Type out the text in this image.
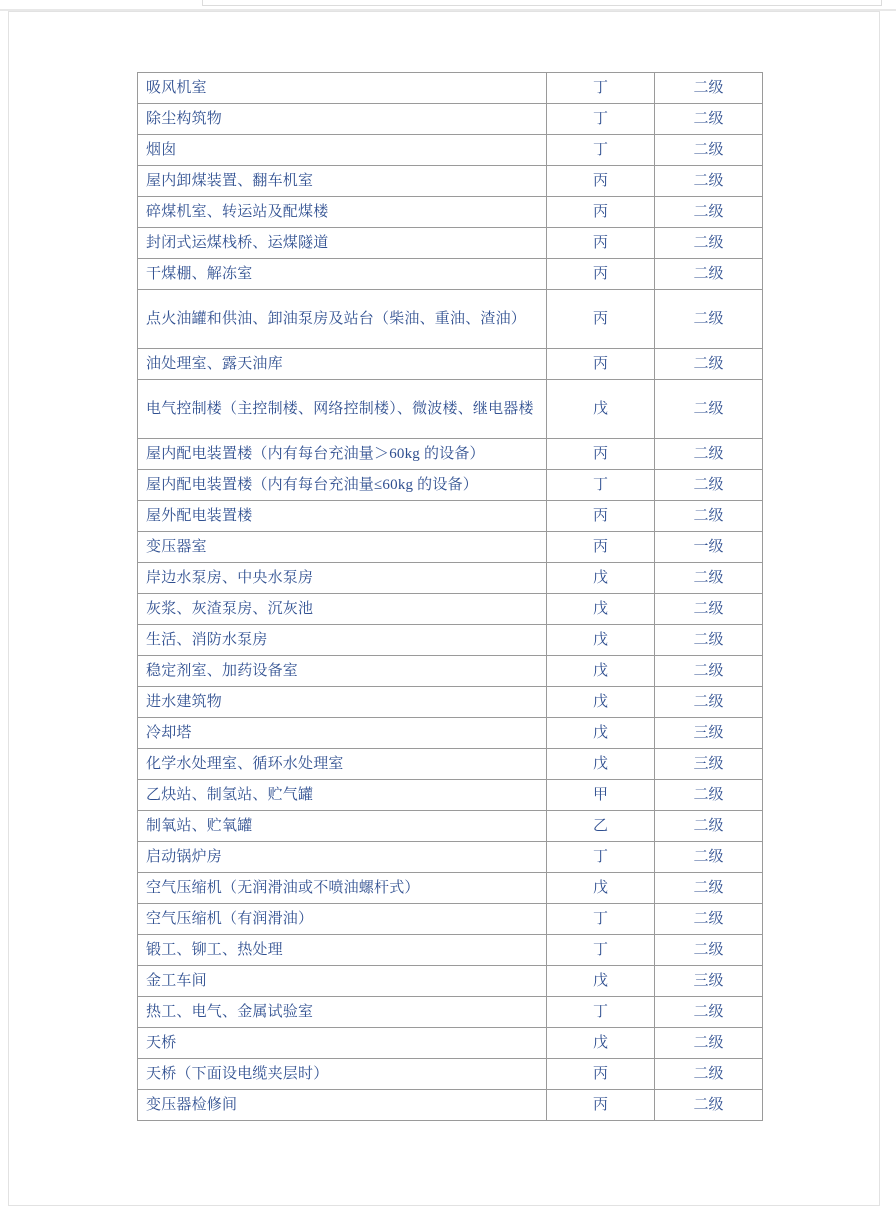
吸风机室	丁	二级

除尘构筑物	丁	二级

烟囱	丁	二级

屋内卸煤装置、翻车机室	丙	二级

碎煤机室、转运站及配煤楼	丙	二级

封闭式运煤栈桥、运煤隧道	丙	二级

干煤棚、解冻室	丙	二级

点火油罐和供油、卸油泵房及站台（柴油、重油、渣油）	丙	二级

油处理室、露天油库	丙	二级

电气控制楼（主控制楼、网络控制楼）、微波楼、继电器楼	戊	二级

屋内配电装置楼（内有每台充油量＞60kg 的设备）	丙	二级

屋内配电装置楼（内有每台充油量≤60kg 的设备）	丁	二级

屋外配电装置楼	丙	二级

变压器室	丙	一级

岸边水泵房、中央水泵房	戊	二级

灰浆、灰渣泵房、沉灰池	戊	二级

生活、消防水泵房	戊	二级

稳定剂室、加药设备室	戊	二级

进水建筑物	戊	二级

冷却塔	戊	三级

化学水处理室、循环水处理室	戊	三级

乙炔站、制氢站、贮气罐	甲	二级

制氧站、贮氧罐	乙	二级

启动锅炉房	丁	二级

空气压缩机（无润滑油或不喷油螺杆式）	戊	二级

空气压缩机（有润滑油）	丁	二级

锻工、铆工、热处理	丁	二级

金工车间	戊	三级

热工、电气、金属试验室	丁	二级

天桥	戊	二级

天桥（下面设电缆夹层时）	丙	二级

变压器检修间	丙	二级
